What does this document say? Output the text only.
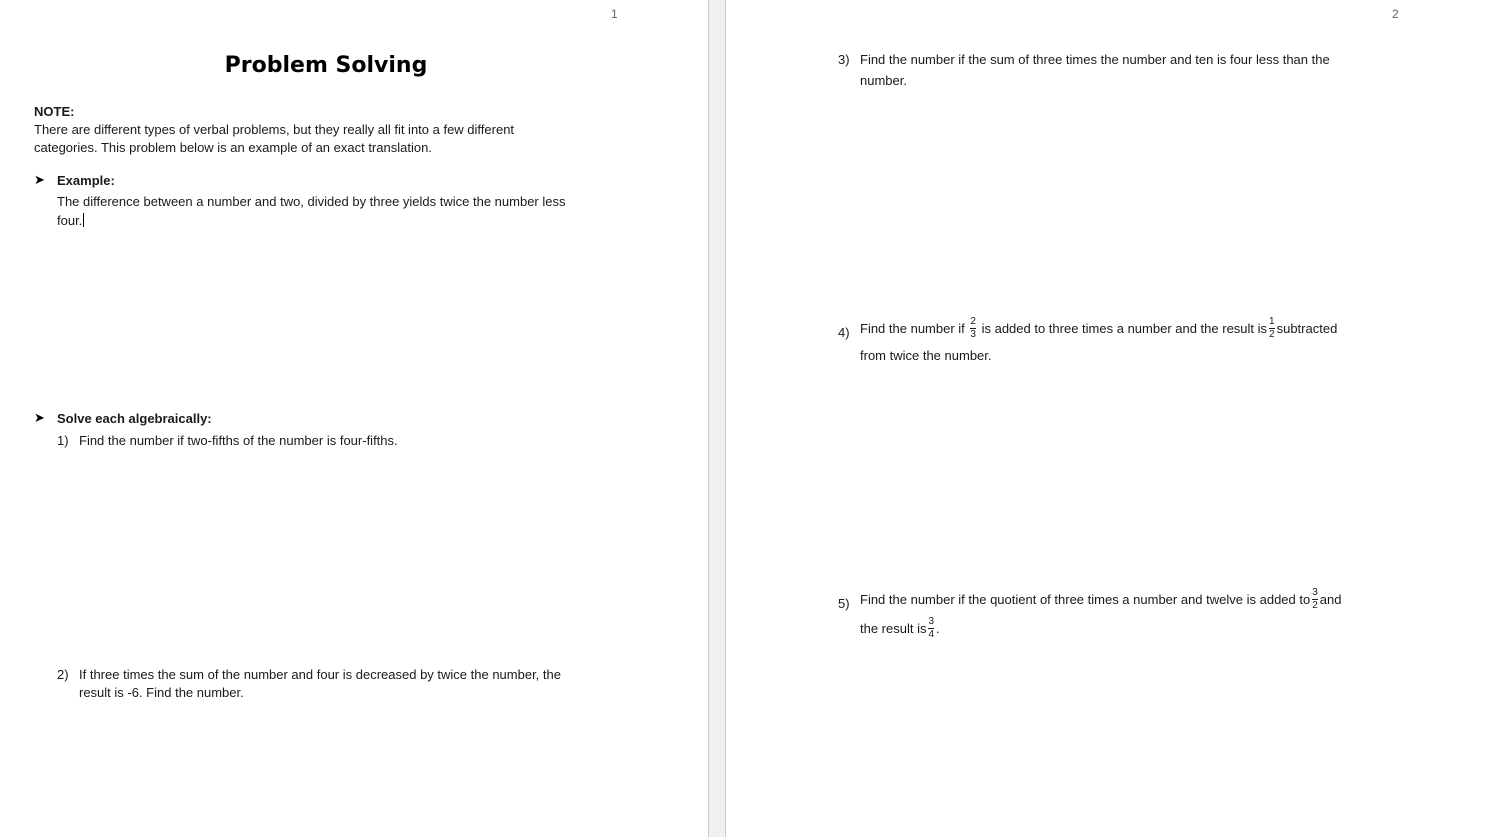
1
Problem Solving
NOTE:
There are different types of verbal problems, but they really all fit into a few different
categories. This problem below is an example of an exact translation.
➤ Example:
The difference between a number and two, divided by three yields twice the number less
four.
➤ Solve each algebraically:
1) Find the number if two-fifths of the number is four-fifths.
2) If three times the sum of the number and four is decreased by twice the number, the
result is -6. Find the number.
2
3) Find the number if the sum of three times the number and ten is four less than the
number.
4) Find the number if $\frac{2}{3}$ is added to three times a number and the result is $\frac{1}{2}$ subtracted
from twice the number.
5) Find the number if the quotient of three times a number and twelve is added to $\frac{3}{2}$ and
the result is $\frac{3}{4}$ .
